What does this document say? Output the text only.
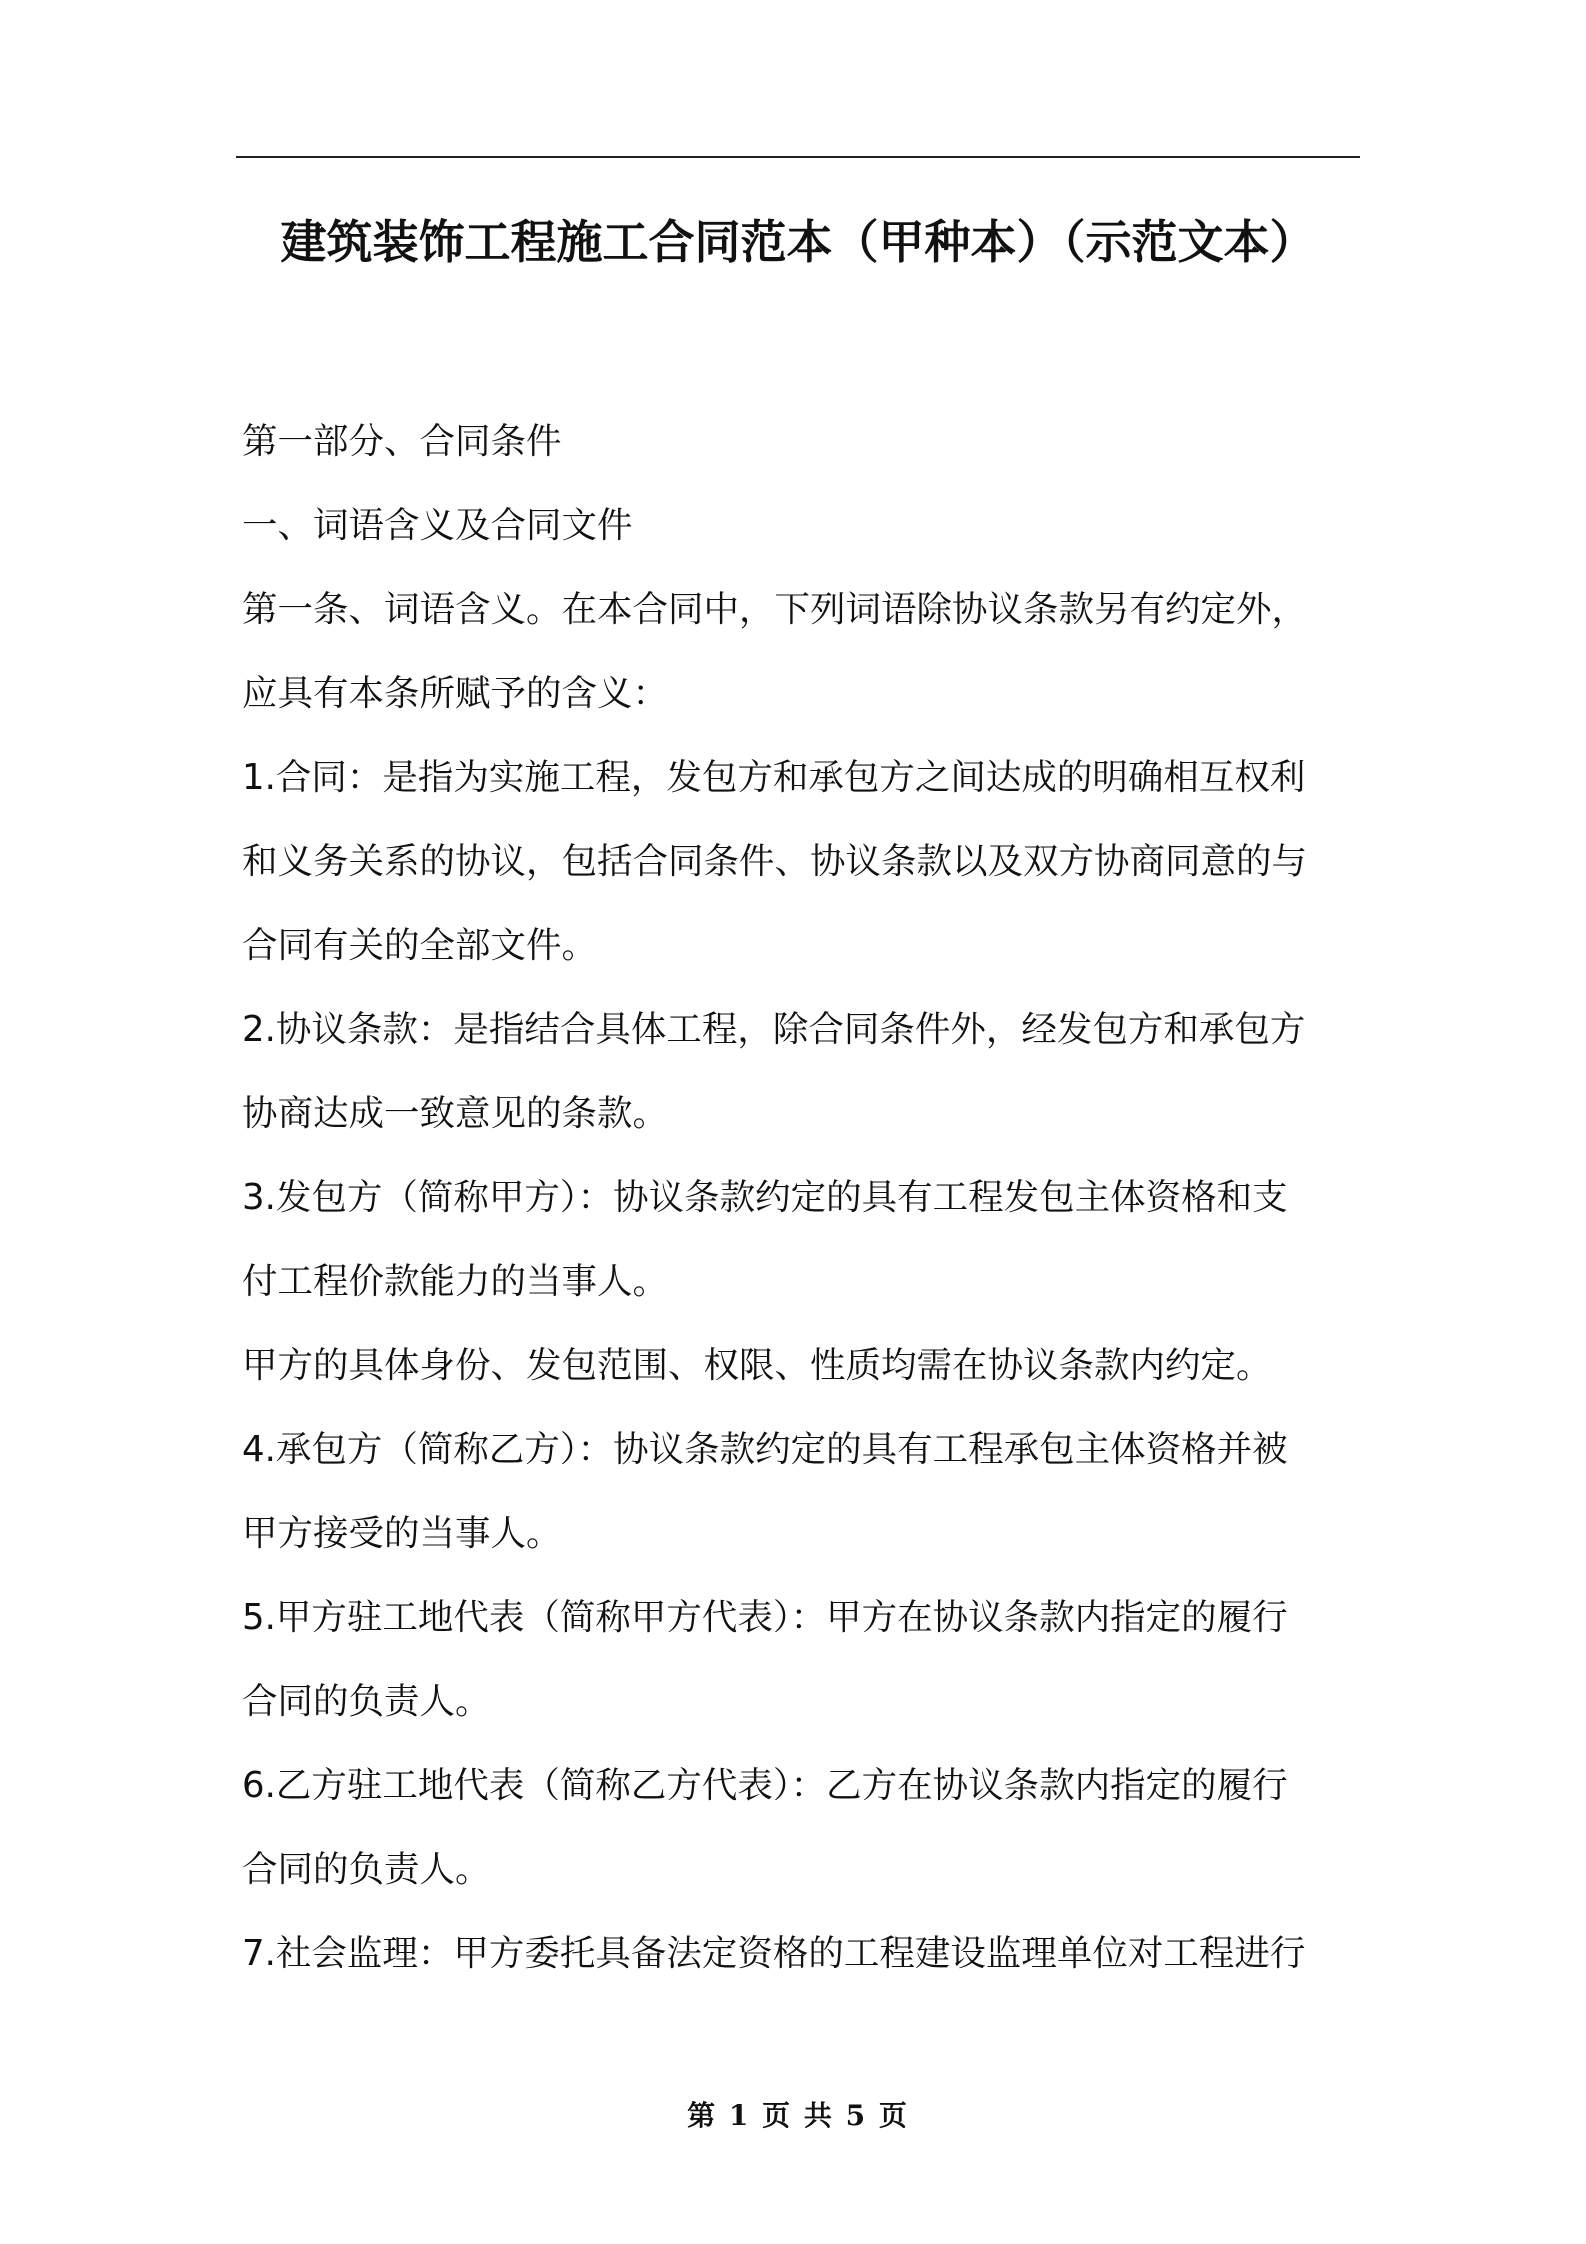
建筑装饰工程施工合同范本（甲种本）（示范文本）

第一部分、合同条件

一、词语含义及合同文件

第一条、词语含义。在本合同中，下列词语除协议条款另有约定外，

应具有本条所赋予的含义：

1.合同：是指为实施工程，发包方和承包方之间达成的明确相互权利

和义务关系的协议，包括合同条件、协议条款以及双方协商同意的与

合同有关的全部文件。

2.协议条款：是指结合具体工程，除合同条件外，经发包方和承包方

协商达成一致意见的条款。

3.发包方（简称甲方）：协议条款约定的具有工程发包主体资格和支

付工程价款能力的当事人。

甲方的具体身份、发包范围、权限、性质均需在协议条款内约定。

4.承包方（简称乙方）：协议条款约定的具有工程承包主体资格并被

甲方接受的当事人。

5.甲方驻工地代表（简称甲方代表）：甲方在协议条款内指定的履行

合同的负责人。

6.乙方驻工地代表（简称乙方代表）：乙方在协议条款内指定的履行

合同的负责人。

7.社会监理：甲方委托具备法定资格的工程建设监理单位对工程进行

第 1 页 共 5 页
